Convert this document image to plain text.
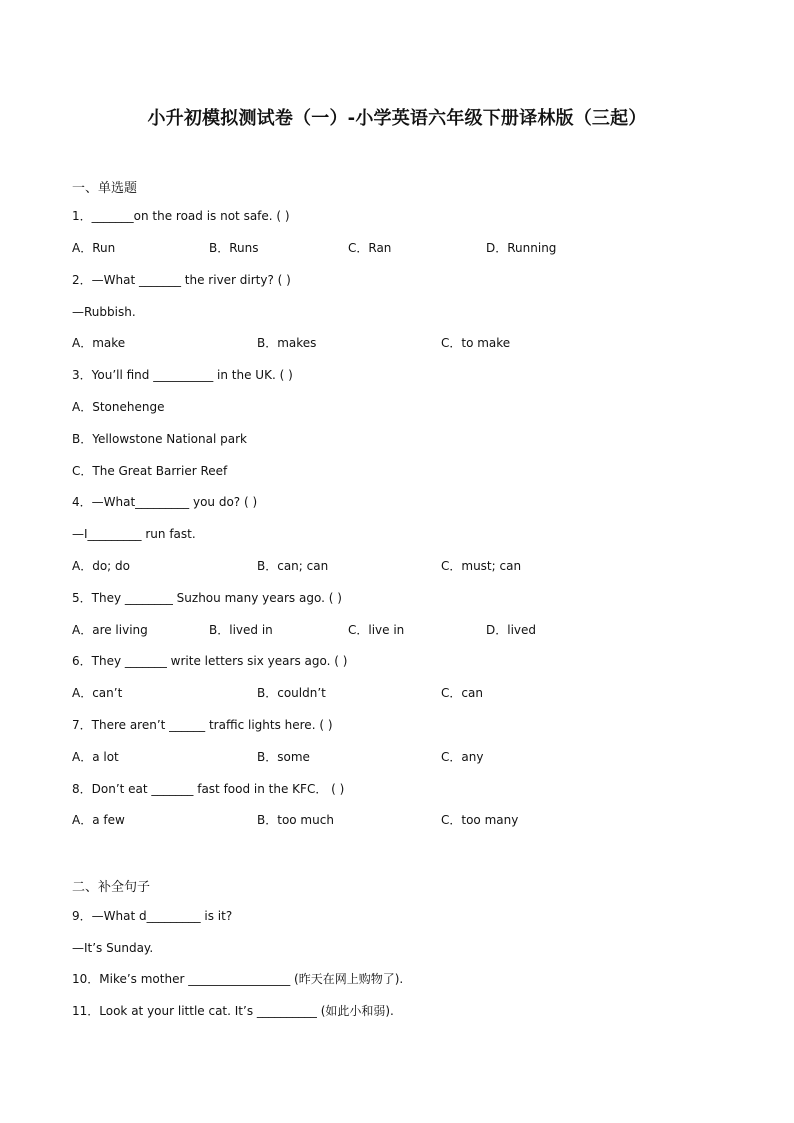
小升初模拟测试卷（一）-小学英语六年级下册译林版（三起）
一、单选题
1．_______on the road is not safe. ( )
A．Run	B．Runs	C．Ran	D．Running
2．—What _______ the river dirty? ( )
—Rubbish.
A．make	B．makes	C．to make
3．You’ll find __________ in the UK. ( )
A．Stonehenge
B．Yellowstone National park
C．The Great Barrier Reef
4．—What_________ you do? ( )
—I_________ run fast.
A．do; do	B．can; can	C．must; can
5．They ________ Suzhou many years ago. ( )
A．are living	B．lived in	C．live in	D．lived
6．They _______ write letters six years ago. ( )
A．can’t	B．couldn’t	C．can
7．There aren’t ______ traffic lights here. ( )
A．a lot	B．some	C．any
8．Don’t eat _______ fast food in the KFC． ( )
A．a few	B．too much	C．too many
二、补全句子
9．—What d_________ is it?
—It’s Sunday.
10．Mike’s mother _________________ (昨天在网上购物了).
11．Look at your little cat. It’s __________ (如此小和弱).
